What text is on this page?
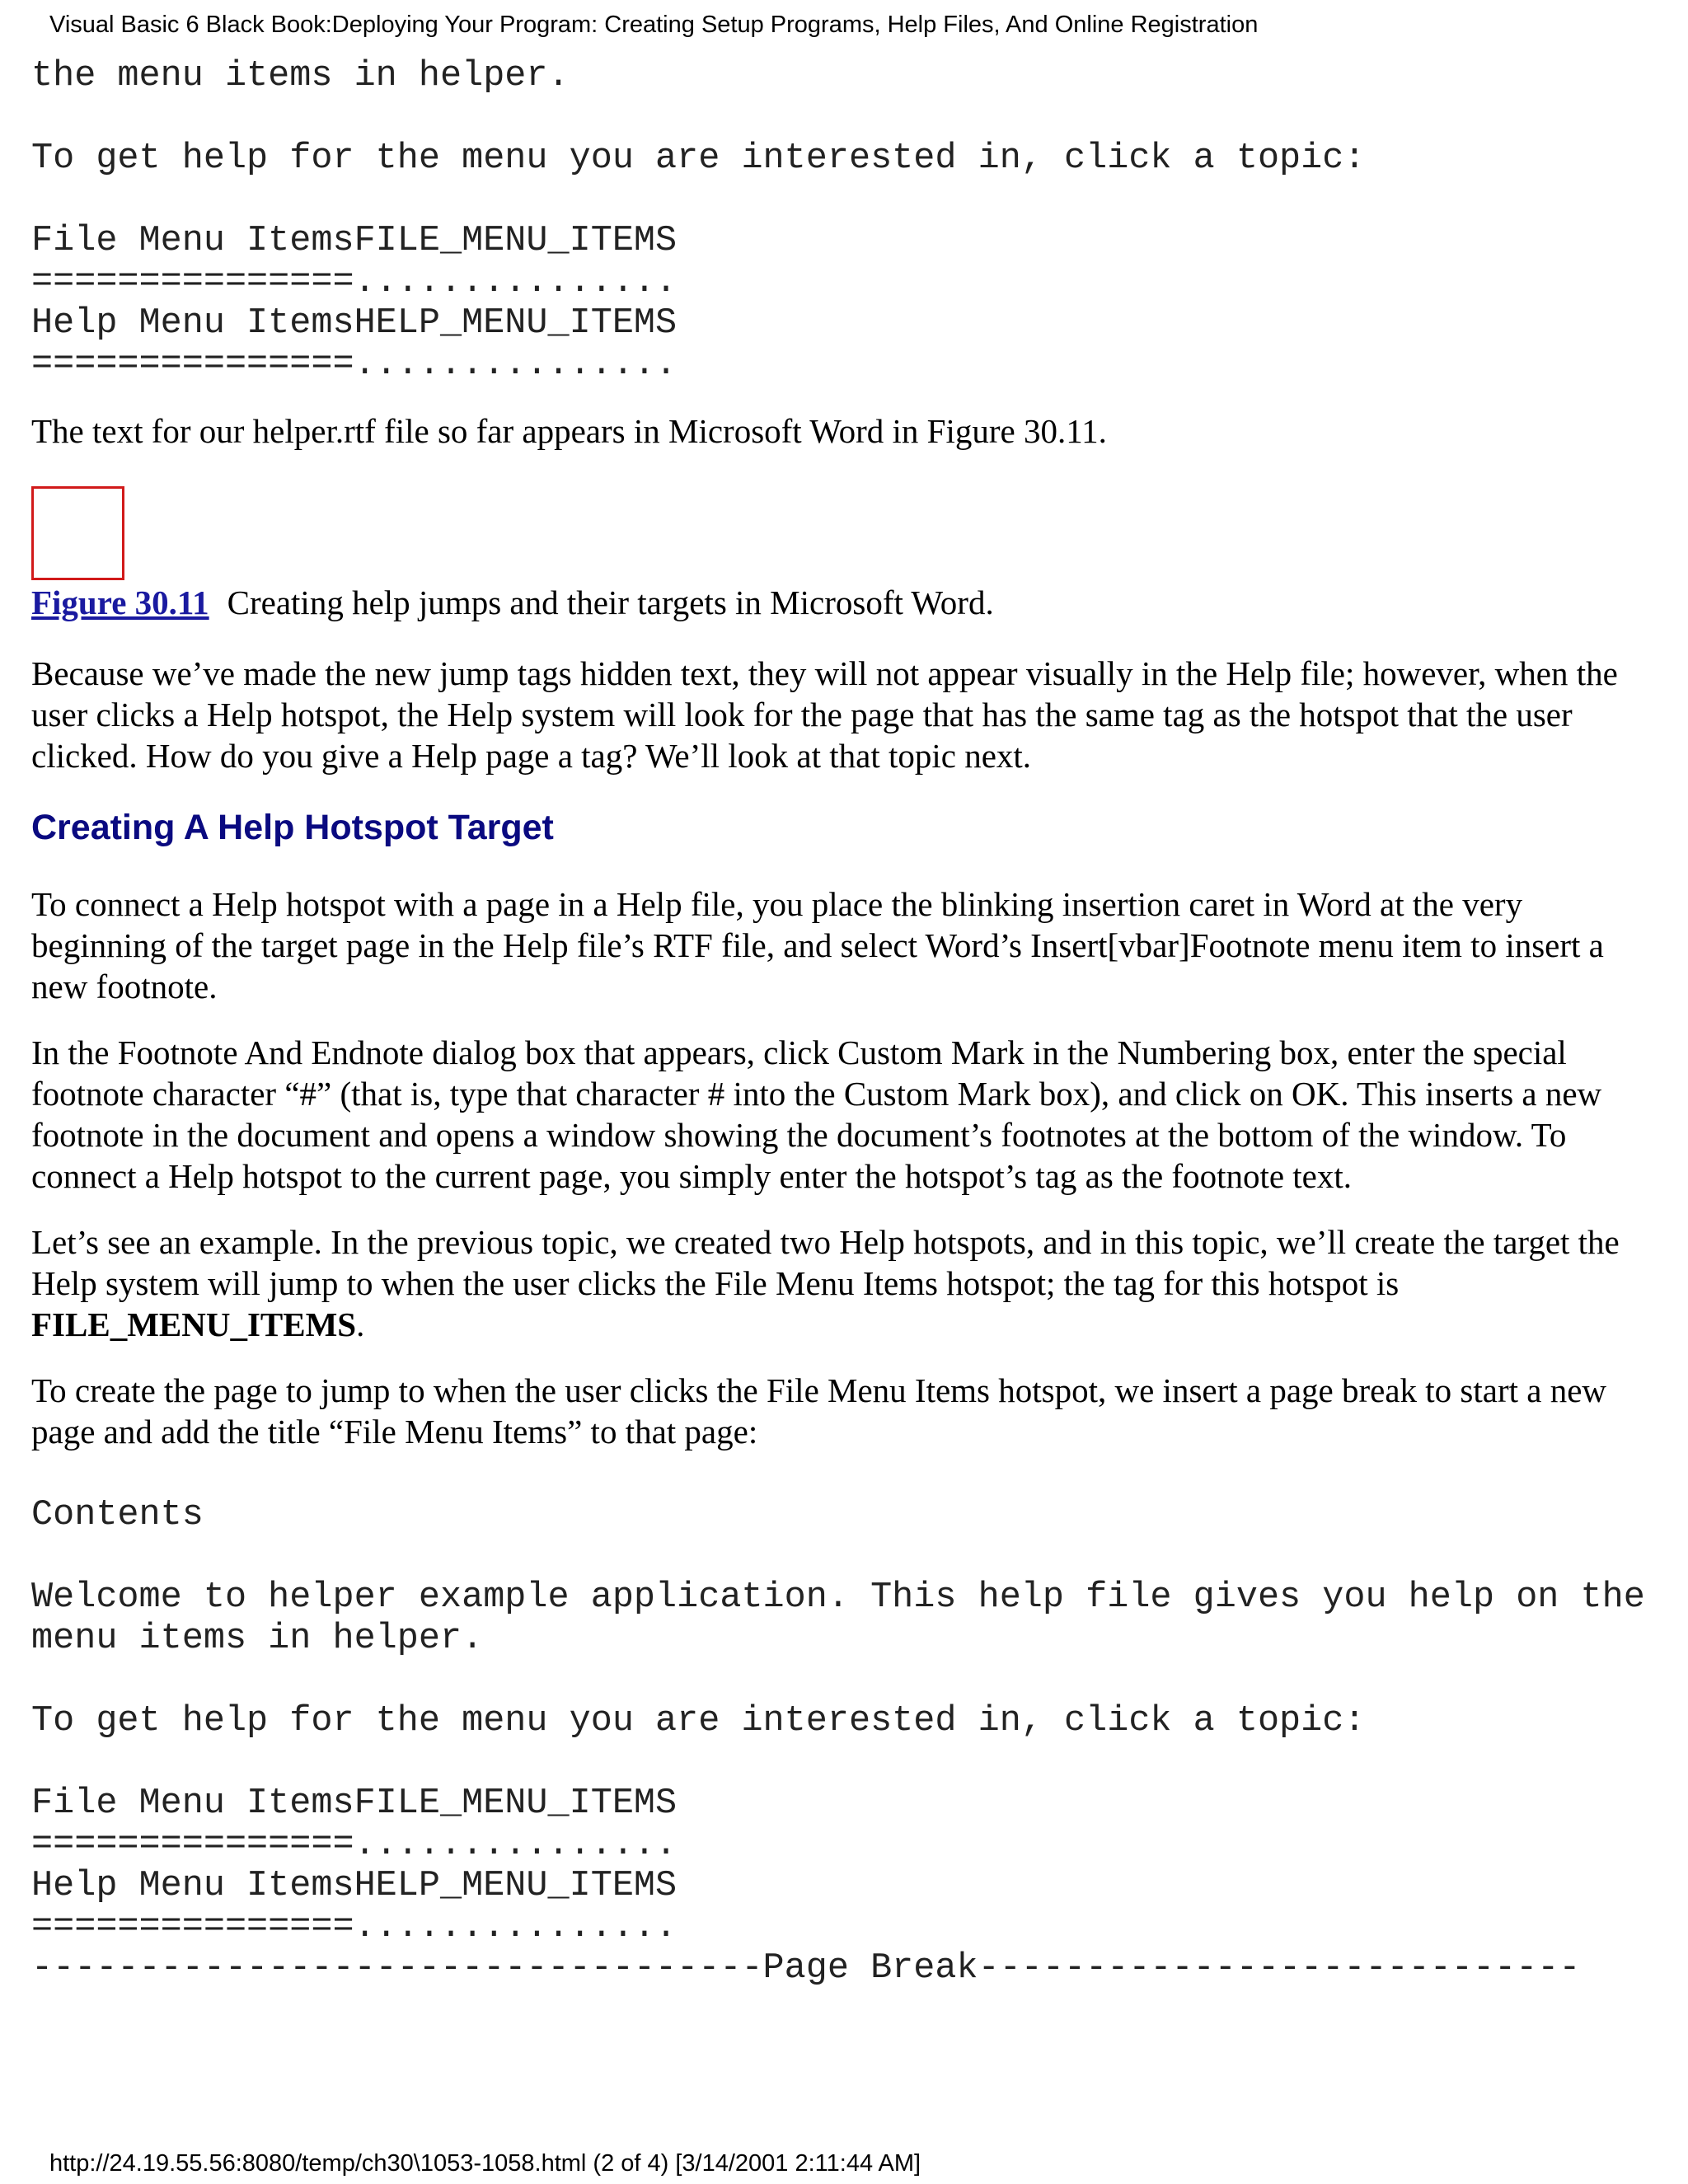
Visual Basic 6 Black Book:Deploying Your Program: Creating Setup Programs, Help Files, And Online Registration
the menu items in helper.
To get help for the menu you are interested in, click a topic:
File Menu ItemsFILE_MENU_ITEMS
===============...............
Help Menu ItemsHELP_MENU_ITEMS
===============...............

The text for our helper.rtf file so far appears in Microsoft Word in Figure 30.11.

Figure 30.11 Creating help jumps and their targets in Microsoft Word.

Because we’ve made the new jump tags hidden text, they will not appear visually in the Help file; however, when the user clicks a Help hotspot, the Help system will look for the page that has the same tag as the hotspot that the user clicked. How do you give a Help page a tag? We’ll look at that topic next.

Creating A Help Hotspot Target

To connect a Help hotspot with a page in a Help file, you place the blinking insertion caret in Word at the very beginning of the target page in the Help file’s RTF file, and select Word’s Insert[vbar]Footnote menu item to insert a new footnote.

In the Footnote And Endnote dialog box that appears, click Custom Mark in the Numbering box, enter the special footnote character “#” (that is, type that character # into the Custom Mark box), and click on OK. This inserts a new footnote in the document and opens a window showing the document’s footnotes at the bottom of the window. To connect a Help hotspot to the current page, you simply enter the hotspot’s tag as the footnote text.

Let’s see an example. In the previous topic, we created two Help hotspots, and in this topic, we’ll create the target the Help system will jump to when the user clicks the File Menu Items hotspot; the tag for this hotspot is FILE_MENU_ITEMS.

To create the page to jump to when the user clicks the File Menu Items hotspot, we insert a page break to start a new page and add the title “File Menu Items” to that page:

Contents
Welcome to helper example application. This help file gives you help on the
menu items in helper.
To get help for the menu you are interested in, click a topic:
File Menu ItemsFILE_MENU_ITEMS
===============...............
Help Menu ItemsHELP_MENU_ITEMS
===============...............
----------------------------------Page Break----------------------------
http://24.19.55.56:8080/temp/ch30\1053-1058.html (2 of 4) [3/14/2001 2:11:44 AM]
